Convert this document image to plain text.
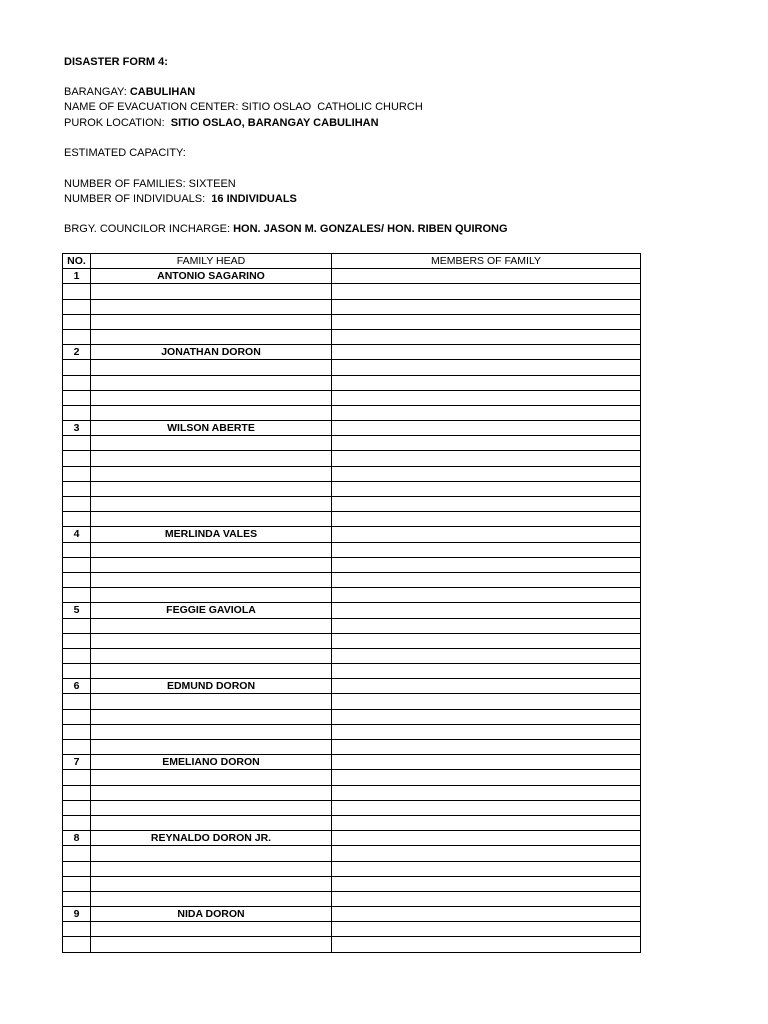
DISASTER FORM 4:
BARANGAY: CABULIHAN
NAME OF EVACUATION CENTER: SITIO OSLAO  CATHOLIC CHURCH
PUROK LOCATION:  SITIO OSLAO, BARANGAY CABULIHAN
ESTIMATED CAPACITY:
NUMBER OF FAMILIES: SIXTEEN
NUMBER OF INDIVIDUALS:  16 INDIVIDUALS
BRGY. COUNCILOR INCHARGE: HON. JASON M. GONZALES/ HON. RIBEN QUIRONG
NO.	FAMILY HEAD	MEMBERS OF FAMILY
1	ANTONIO SAGARINO	

2	JONATHAN DORON	

3	WILSON ABERTE	

4	MERLINDA VALES	

5	FEGGIE GAVIOLA	

6	EDMUND DORON	

7	EMELIANO DORON	

8	REYNALDO DORON JR.	

9	NIDA DORON	
